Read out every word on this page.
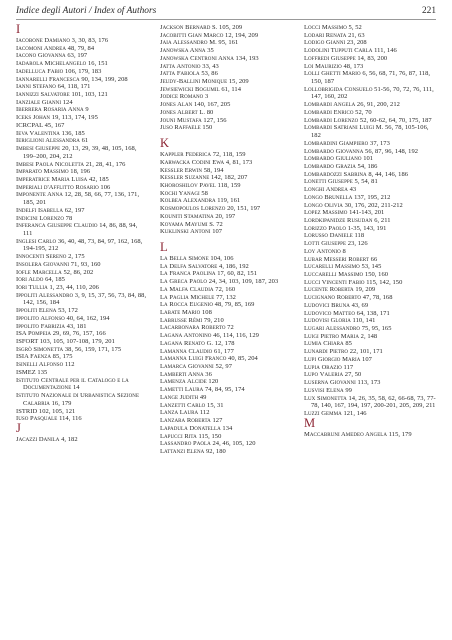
Indice degli Autori / Index of Authors	221
I
Iacobone Damiano 3, 30, 83, 176
Iacomoni Andrea 48, 79, 84
Iacono Giovanna 63, 197
Iadarola Michelangelo 16, 151
Iadelluca Fabio 106, 179, 183
Iannarelli Francesca 90, 134, 199, 208
Ianni Stefano 64, 118, 171
Iannizzi Salvatore 101, 103, 121
Ianziale Gianni 124
Iberrera Rosaria Anna 9
Iceks Johan 19, 113, 174, 195
ICRCPAL 45, 167
Ieva Valentina 136, 185
Ieriglioni Alessandra 61
Imbesi Giuseppe 20, 13, 29, 39, 48, 105, 168, 199–200, 204, 212
Imbesi Paola Nicoletta 21, 28, 41, 176
Imparato Massimo 18, 196
Imperatrice Maria Luisa 42, 185
Imperiali d'Afflitto Rosario 106
Imponente Anna 12, 28, 58, 66, 77, 136, 171, 185, 201
Indelfi Isabella 62, 197
Indicini Lorenzo 78
Inferanca Giuseppe Claudio 14, 86, 88, 94, 111
Inglesi Carlo 36, 40, 48, 73, 84, 97, 162, 168, 194-195, 212
Innocenti Sereno 2, 175
Insolera Giovanni 71, 93, 160
Iofle Marcella 52, 86, 202
Iori Aldo 64, 185
Iori Tullia 1, 23, 44, 110, 206
Ippoliti Alessandro 3, 9, 15, 37, 56, 73, 84, 88, 142, 156, 184
Ippoliti Elena 53, 172
Ippolito Alfonso 40, 64, 162, 194
Ippolito Fabrizia 43, 181
ISA Pompeia 29, 69, 76, 157, 166
ISFORT 103, 105, 107-108, 179, 201
Isgrò Simonetta 38, 56, 159, 171, 175
ISIA Faenza 85, 175
Isinelli Alfonso 112
ISMEZ 135
Istituto Centrale per il Catalogo e la Documentazione 14
Istituto Nazionale di Urbanistica Sezione Calabria 16, 179
ISTRID 102, 105, 121
Iuso Pasquale 114, 116
J
Jacazzi Danila 4, 182
Jackson Bernard S. 105, 209
Jacobitti Gian Marco 12, 194, 209
Jaia Alessandro M. 95, 161
Janowska Anna 35
Janowska Centroni Anna 134, 193
Jatta Antonio 33, 43
Jatta Fabiola 53, 86
Jeudy-Ballini Monique 15, 209
Jewsiewicki Bogumil 61, 114
Jodice Romano 3
Jones Alan 140, 167, 205
Jones Albert L. 80
Jouni Mustafa 127, 156
Juso Raffaele 150
K
Kappler Federica 72, 118, 159
Karwacka Codini Ewa 4, 81, 173
Kessler Erwin 58, 194
Kessler Suzanne 142, 182, 207
Khoroshilov Pavel 118, 159
Kochi Yanagi 58
Kolbea Alexandra 119, 161
Kosmopoulos Lorenzo 20, 151, 197
Kouniti Stamatina 20, 197
Koyama Mayumi S. 72
Kuklinski Antoni 107
L
La Bella Simone 104, 106
La Delfa Salvatore 4, 186, 192
La Franca Paolina 17, 60, 82, 151
La Greca Paolo 24, 34, 103, 109, 187, 203
La Malfa Claudia 72, 160
La Paglia Michele 77, 132
La Rocca Eugenio 48, 79, 85, 169
Labate Mario 108
Labrusse Rémi 79, 210
Lacarbonara Roberto 72
Lagana Antonino 46, 114, 116, 129
Lagana Renato G. 12, 178
Lamanna Claudio 61, 177
Lamanna Luigi Franco 40, 85, 204
Lamarca Giovanni 52, 97
Lamberti Anna 36
Lamenza Alcide 120
Lametti Laura 74, 84, 95, 174
Lange Judith 49
Lanzetti Carlo 15, 31
Lanza Laura 112
Lanzara Roberta 127
Lapadula Donatella 134
Lapucci Rita 115, 150
Lassandro Paola 24, 46, 105, 120
Lattanzi Elena 92, 180
Locci Massimo 5, 52
Lodari Renata 21, 63
Lodigo Gianni 23, 208
Lodolini Tupputi Carla 111, 146
Loffredi Giuseppe 14, 83, 200
Loi Maurizio 48, 173
Lolli Ghetti Mario 6, 56, 68, 71, 76, 87, 118, 150, 187
Lollobrigida Consuelo 51-56, 70, 72, 76, 111, 147, 160, 202
Lombardi Angela 26, 91, 200, 212
Lombardi Enrico 52, 70
Lombardi Lorenzo 52, 60-62, 64, 70, 175, 187
Lombardi Satriani Luigi M. 56, 78, 105-106, 182
Lombardini Giampiero 37, 173
Lombardo Giovanna 56, 87, 96, 148, 192
Lombardo Giuliano 101
Lombardo Grazia 54, 186
Lombardozzi Sabrina 8, 44, 146, 186
Lonetti Giuseppe 5, 54, 81
Longhi Andrea 43
Longo Brunella 137, 195, 212
Longo Olivia 30, 176, 202, 211-212
Lopez Massimo 141-143, 201
Lordkipanidze Rusudan 6, 211
Lorizzo Paolo 1-35, 143, 191
Lorusso Daniele 118
Lotti Giuseppe 23, 126
Loy Antonio 8
Lubar Messeri Robert 66
Lucarelli Massimo 53, 145
Luccarelli Massimo 150, 160
Lucci Vincenti Fabio 115, 142, 150
Lucente Roberta 19, 209
Lucignano Roberto 47, 78, 168
Ludovici Bruna 43, 69
Ludovico Matteo 64, 138, 171
Ludovisi Gloria 110, 141
Lugari Alessandro 75, 95, 165
Luigi Pietro Maria 2, 148
Lumia Chiara 85
Lunardi Pietro 22, 101, 171
Lupi Giorgio Maria 107
Lupia Orazio 117
Lupo Valeria 27, 50
Luserna Giovanni 113, 173
Lusvisi Elena 99
Lux Simonetta 14, 26, 35, 58, 62, 66-68, 73, 77-78, 140, 167, 194, 197, 200-201, 205, 209, 211
Luzzi Gemma 121, 146
M
Maccabruni Amedeo Angela 115, 179
